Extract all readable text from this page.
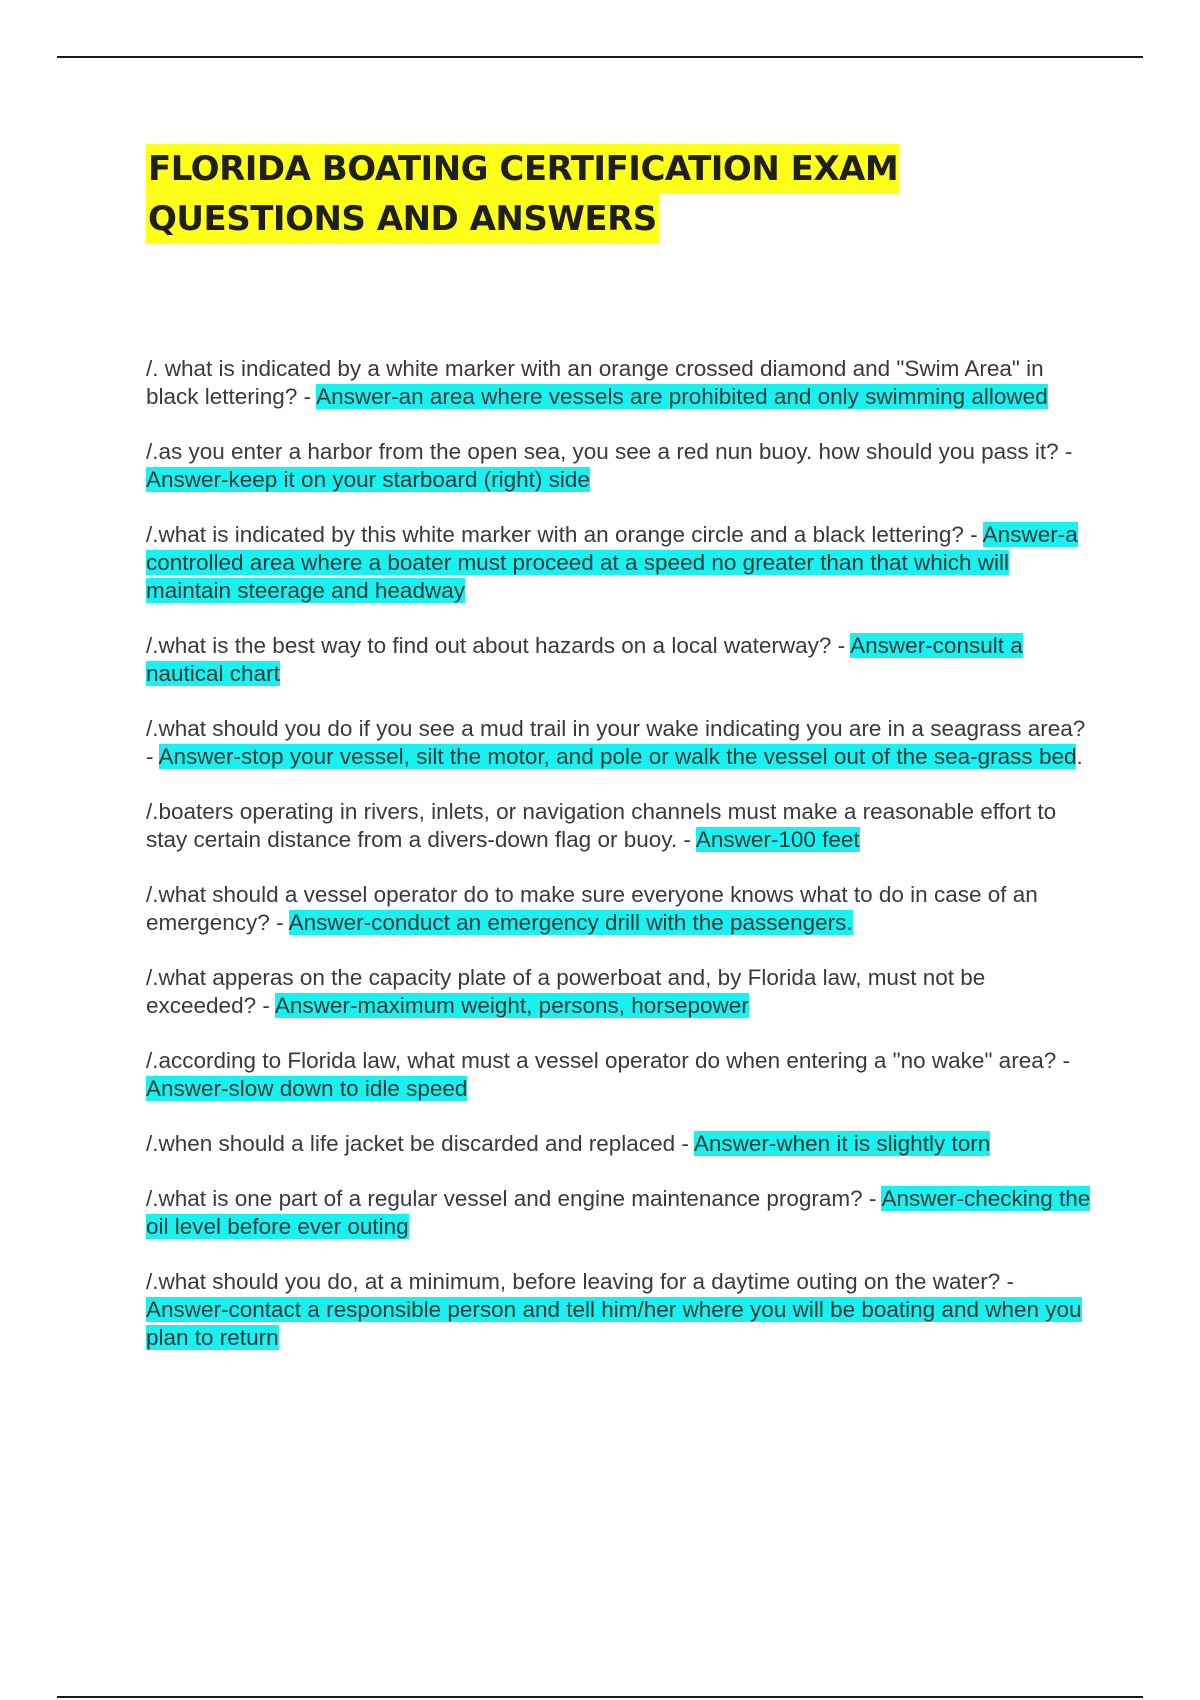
FLORIDA BOATING CERTIFICATION EXAM
QUESTIONS AND ANSWERS
/. what is indicated by a white marker with an orange crossed diamond and "Swim Area" in black lettering? - Answer-an area where vessels are prohibited and only swimming allowed
/.as you enter a harbor from the open sea, you see a red nun buoy. how should you pass it? - Answer-keep it on your starboard (right) side
/.what is indicated by this white marker with an orange circle and a black lettering? - Answer-a controlled area where a boater must proceed at a speed no greater than that which will maintain steerage and headway
/.what is the best way to find out about hazards on a local waterway? - Answer-consult a nautical chart
/.what should you do if you see a mud trail in your wake indicating you are in a seagrass area? - Answer-stop your vessel, silt the motor, and pole or walk the vessel out of the sea-grass bed.
/.boaters operating in rivers, inlets, or navigation channels must make a reasonable effort to stay certain distance from a divers-down flag or buoy. - Answer-100 feet
/.what should a vessel operator do to make sure everyone knows what to do in case of an emergency? - Answer-conduct an emergency drill with the passengers.
/.what apperas on the capacity plate of a powerboat and, by Florida law, must not be exceeded? - Answer-maximum weight, persons, horsepower
/.according to Florida law, what must a vessel operator do when entering a "no wake" area? - Answer-slow down to idle speed
/.when should a life jacket be discarded and replaced - Answer-when it is slightly torn
/.what is one part of a regular vessel and engine maintenance program? - Answer-checking the oil level before ever outing
/.what should you do, at a minimum, before leaving for a daytime outing on the water? - Answer-contact a responsible person and tell him/her where you will be boating and when you plan to return
